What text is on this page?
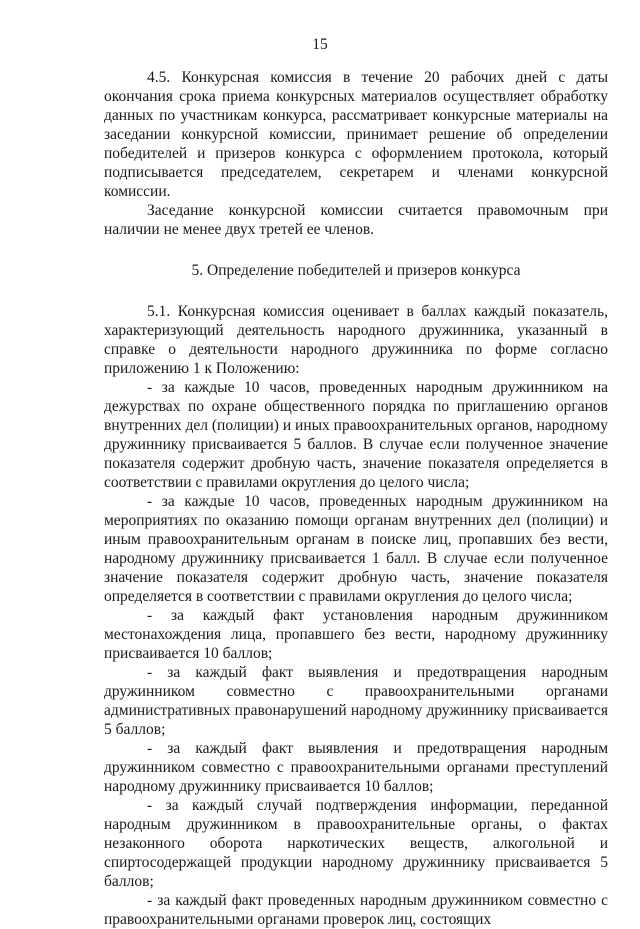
15

4.5. Конкурсная комиссия в течение 20 рабочих дней с даты окончания срока приема конкурсных материалов осуществляет обработку данных по участникам конкурса, рассматривает конкурсные материалы на заседании конкурсной комиссии, принимает решение об определении победителей и призеров конкурса с оформлением протокола, который подписывается председателем, секретарем и членами конкурсной комиссии.

Заседание конкурсной комиссии считается правомочным при наличии не менее двух третей ее членов.

5. Определение победителей и призеров конкурса

5.1. Конкурсная комиссия оценивает в баллах каждый показатель, характеризующий деятельность народного дружинника, указанный в справке о деятельности народного дружинника по форме согласно приложению 1 к Положению:

- за каждые 10 часов, проведенных народным дружинником на дежурствах по охране общественного порядка по приглашению органов внутренних дел (полиции) и иных правоохранительных органов, народному дружиннику присваивается 5 баллов. В случае если полученное значение показателя содержит дробную часть, значение показателя определяется в соответствии с правилами округления до целого числа;

- за каждые 10 часов, проведенных народным дружинником на мероприятиях по оказанию помощи органам внутренних дел (полиции) и иным правоохранительным органам в поиске лиц, пропавших без вести, народному дружиннику присваивается 1 балл. В случае если полученное значение показателя содержит дробную часть, значение показателя определяется в соответствии с правилами округления до целого числа;

- за каждый факт установления народным дружинником местонахождения лица, пропавшего без вести, народному дружиннику присваивается 10 баллов;

- за каждый факт выявления и предотвращения народным дружинником совместно с правоохранительными органами административных правонарушений народному дружиннику присваивается 5 баллов;

- за каждый факт выявления и предотвращения народным дружинником совместно с правоохранительными органами преступлений народному дружиннику присваивается 10 баллов;

- за каждый случай подтверждения информации, переданной народным дружинником в правоохранительные органы, о фактах незаконного оборота наркотических веществ, алкогольной и спиртосодержащей продукции народному дружиннику присваивается 5 баллов;

- за каждый факт проведенных народным дружинником совместно с правоохранительными органами проверок лиц, состоящих
